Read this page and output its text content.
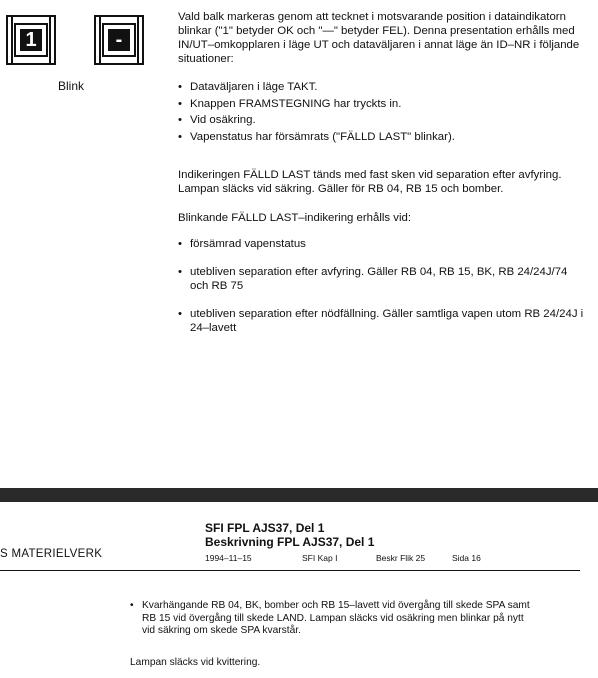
1	-
Blink

Vald balk markeras genom att tecknet i motsvarande position i dataindikatorn blinkar ("1" betyder OK och "—" betyder FEL). Denna presentation erhålls med IN/UT–omkopplaren i läge UT och dataväljaren i annat läge än ID–NR i följande situationer:

• Dataväljaren i läge TAKT.
• Knappen FRAMSTEGNING har tryckts in.
• Vid osäkring.
• Vapenstatus har försämrats ("FÄLLD LAST" blinkar).

Indikeringen FÄLLD LAST tänds med fast sken vid separation efter avfyring. Lampan släcks vid säkring. Gäller för RB 04, RB 15 och bomber.

Blinkande FÄLLD LAST–indikering erhålls vid:

• försämrad vapenstatus
• utebliven separation efter avfyring. Gäller RB 04, RB 15, BK, RB 24/24J/74 och RB 75
• utebliven separation efter nödfällning. Gäller samtliga vapen utom RB 24/24J i 24–lavett
S MATERIELVERK
SFI FPL AJS37, Del 1
Beskrivning FPL AJS37, Del 1
1994–11–15	SFI Kap I	Beskr Flik 25	Sida 16
• Kvarhängande RB 04, BK, bomber och RB 15–lavett vid övergång till skede SPA samt RB 15 vid övergång till skede LAND. Lampan släcks vid osäkring men blinkar på nytt vid säkring om skede SPA kvarstår.
Lampan släcks vid kvittering.
